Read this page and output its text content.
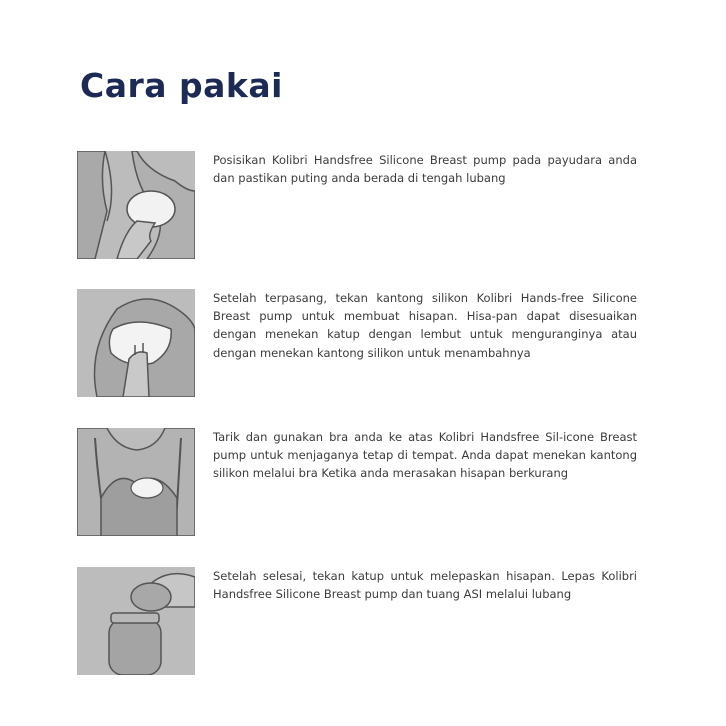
Cara pakai

Posisikan Kolibri Handsfree Silicone Breast pump pada payudara anda dan pastikan puting anda berada di tengah lubang

Setelah terpasang, tekan kantong silikon Kolibri Hands-free Silicone Breast pump untuk membuat hisapan. Hisa-pan dapat disesuaikan dengan menekan katup dengan lembut untuk menguranginya atau dengan menekan kantong silikon untuk menambahnya

Tarik dan gunakan bra anda ke atas Kolibri Handsfree Sil-icone Breast pump untuk menjaganya tetap di tempat. Anda dapat menekan kantong silikon melalui bra Ketika anda merasakan hisapan berkurang

Setelah selesai, tekan katup untuk melepaskan hisapan. Lepas Kolibri Handsfree Silicone Breast pump dan tuang ASI melalui lubang
